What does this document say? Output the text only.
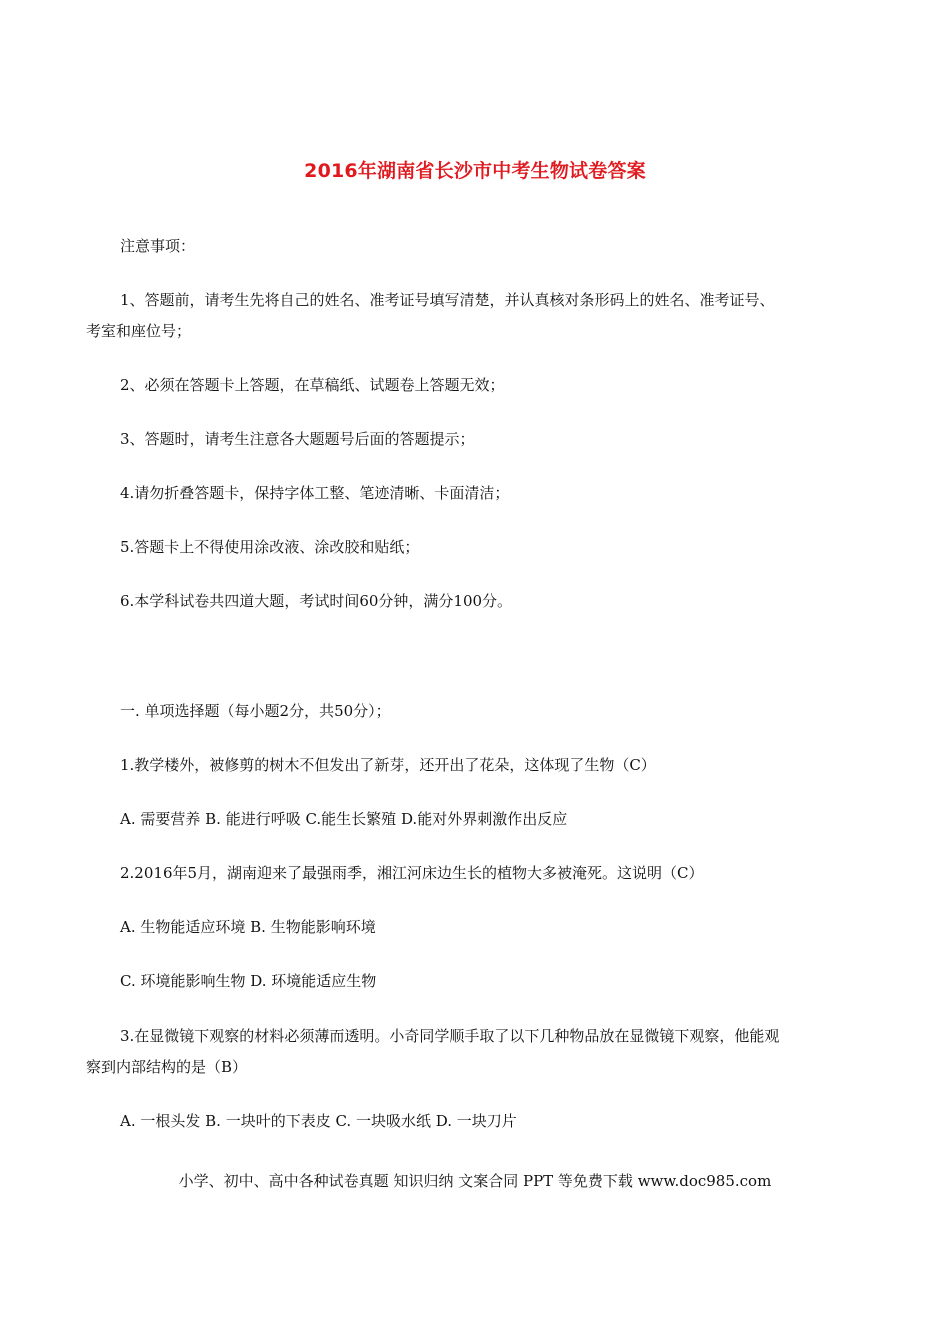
2016年湖南省长沙市中考生物试卷答案
注意事项：
1、答题前，请考生先将自己的姓名、准考证号填写清楚，并认真核对条形码上的姓名、准考证号、
考室和座位号；
2、必须在答题卡上答题，在草稿纸、试题卷上答题无效；
3、答题时，请考生注意各大题题号后面的答题提示；
4.请勿折叠答题卡，保持字体工整、笔迹清晰、卡面清洁；
5.答题卡上不得使用涂改液、涂改胶和贴纸；
6.本学科试卷共四道大题，考试时间60分钟，满分100分。
一. 单项选择题（每小题2分，共50分）；
1.教学楼外，被修剪的树木不但发出了新芽，还开出了花朵，这体现了生物（C）
A. 需要营养 B. 能进行呼吸 C.能生长繁殖 D.能对外界刺激作出反应
2.2016年5月，湖南迎来了最强雨季，湘江河床边生长的植物大多被淹死。这说明（C）
A. 生物能适应环境 B. 生物能影响环境
C. 环境能影响生物 D. 环境能适应生物
3.在显微镜下观察的材料必须薄而透明。小奇同学顺手取了以下几种物品放在显微镜下观察，他能观
察到内部结构的是（B）
A. 一根头发 B. 一块叶的下表皮 C. 一块吸水纸 D. 一块刀片
小学、初中、高中各种试卷真题 知识归纳 文案合同 PPT 等免费下载 www.doc985.com
